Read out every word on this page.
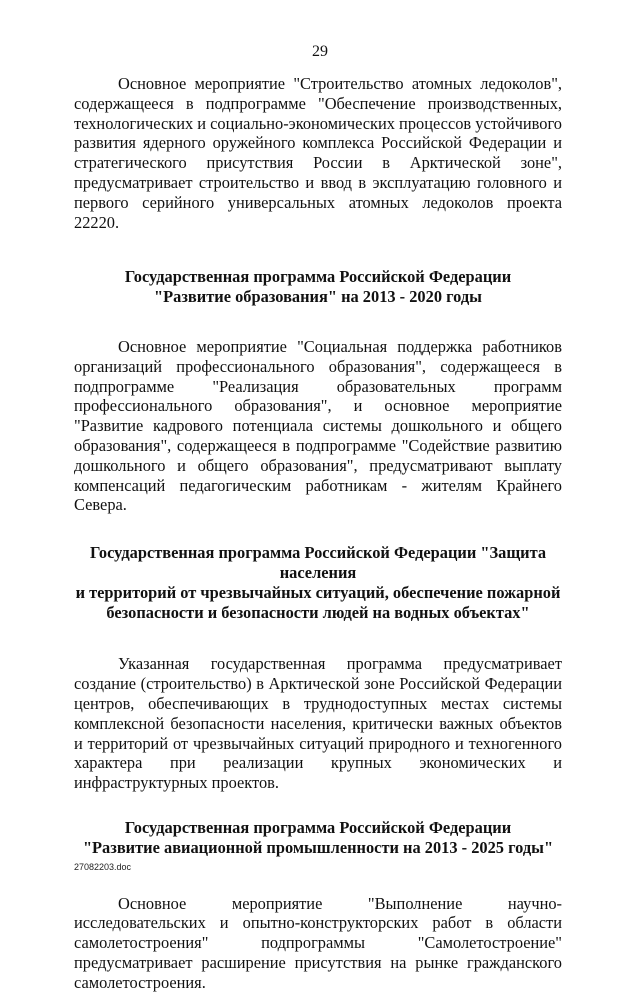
29

Основное мероприятие "Строительство атомных ледоколов", содержащееся в подпрограмме "Обеспечение производственных, технологических и социально-экономических процессов устойчивого развития ядерного оружейного комплекса Российской Федерации и стратегического присутствия России в Арктической зоне", предусматривает строительство и ввод в эксплуатацию головного и первого серийного универсальных атомных ледоколов проекта 22220.

Государственная программа Российской Федерации
"Развитие образования" на 2013 - 2020 годы

Основное мероприятие "Социальная поддержка работников организаций профессионального образования", содержащееся в подпрограмме "Реализация образовательных программ профессионального образования", и основное мероприятие "Развитие кадрового потенциала системы дошкольного и общего образования", содержащееся в подпрограмме "Содействие развитию дошкольного и общего образования", предусматривают выплату компенсаций педагогическим работникам - жителям Крайнего Севера.

Государственная программа Российской Федерации "Защита населения
и территорий от чрезвычайных ситуаций, обеспечение пожарной
безопасности и безопасности людей на водных объектах"

Указанная государственная программа предусматривает создание (строительство) в Арктической зоне Российской Федерации центров, обеспечивающих в труднодоступных местах системы комплексной безопасности населения, критически важных объектов и территорий от чрезвычайных ситуаций природного и техногенного характера при реализации крупных экономических и инфраструктурных проектов.

Государственная программа Российской Федерации
"Развитие авиационной промышленности на 2013 - 2025 годы"

Основное мероприятие "Выполнение научно-исследовательских и опытно-конструкторских работ в области самолетостроения" подпрограммы "Самолетостроение" предусматривает расширение присутствия на рынке гражданского самолетостроения.

27082203.doc
